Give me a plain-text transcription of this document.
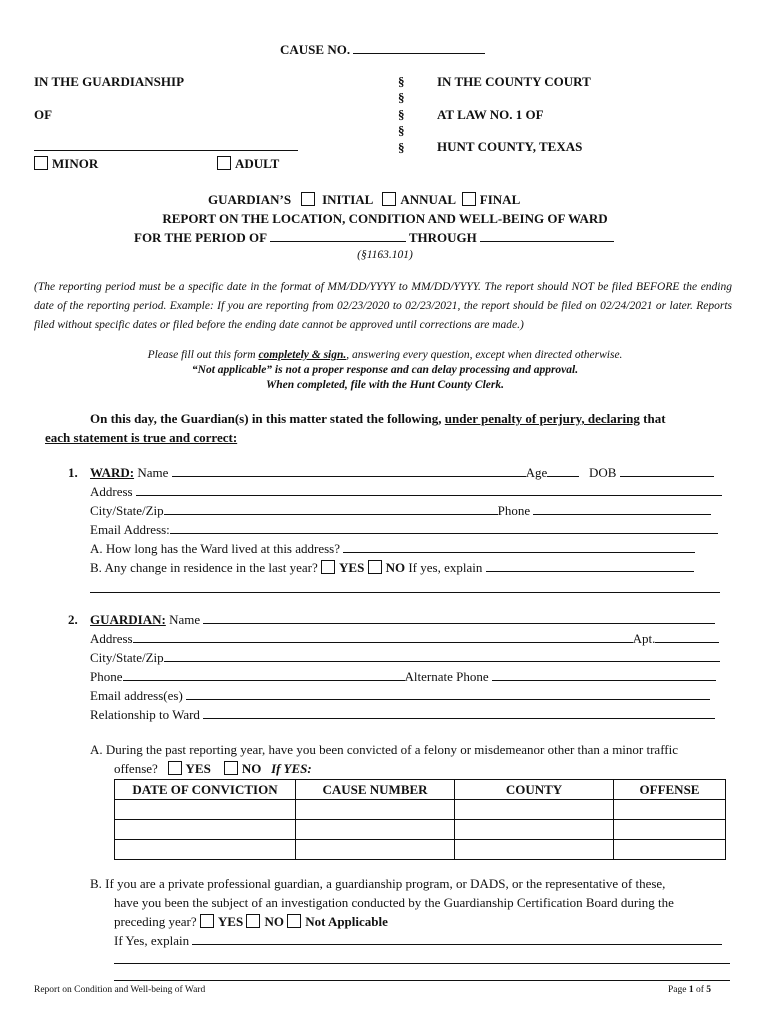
CAUSE NO.
IN THE GUARDIANSHIP
OF
§
§
§
§
§
IN THE COUNTY COURT
AT LAW NO. 1 OF
HUNT COUNTY, TEXAS
MINOR	ADULT
GUARDIAN’S INITIAL ANNUAL FINAL
REPORT ON THE LOCATION, CONDITION AND WELL-BEING OF WARD
FOR THE PERIOD OF	THROUGH
(§1163.101)
(The reporting period must be a specific date in the format of MM/DD/YYYY to MM/DD/YYYY. The report should NOT be filed BEFORE the ending date of the reporting period. Example: If you are reporting from 02/23/2020 to 02/23/2021, the report should be filed on 02/24/2021 or later. Reports filed without specific dates or filed before the ending date cannot be approved until corrections are made.)
Please fill out this form completely & sign., answering every question, except when directed otherwise.
“Not applicable” is not a proper response and can delay processing and approval.
When completed, file with the Hunt County Clerk.
On this day, the Guardian(s) in this matter stated the following, under penalty of perjury, declaring that
each statement is true and correct:
1. WARD: Name	Age	DOB
Address
City/State/Zip	Phone
Email Address:
A. How long has the Ward lived at this address?
B. Any change in residence in the last year? YES NO If yes, explain
2. GUARDIAN: Name
Address	Apt.
City/State/Zip
Phone	Alternate Phone
Email address(es)
Relationship to Ward
A. During the past reporting year, have you been convicted of a felony or misdemeanor other than a minor traffic
offense? YES NO If YES:
DATE OF CONVICTION	CAUSE NUMBER	COUNTY	OFFENSE

B. If you are a private professional guardian, a guardianship program, or DADS, or the representative of these,
have you been the subject of an investigation conducted by the Guardianship Certification Board during the
preceding year? YES NO Not Applicable
If Yes, explain
Report on Condition and Well-being of Ward	Page 1 of 5
